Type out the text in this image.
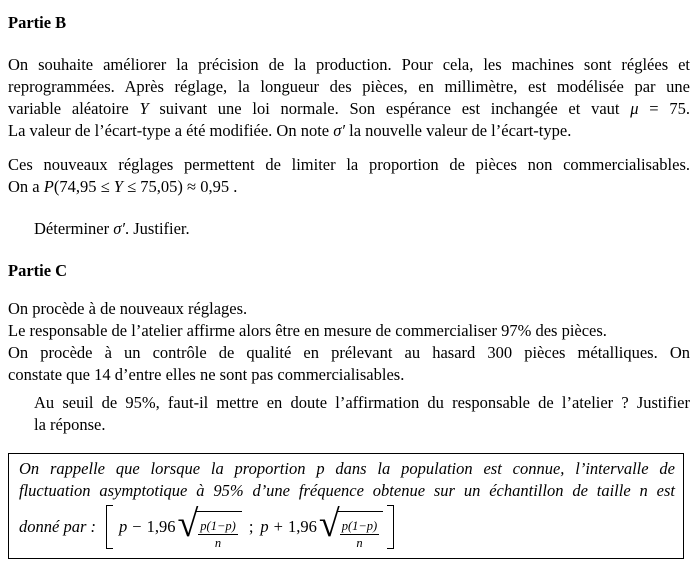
Partie B
On souhaite améliorer la précision de la production. Pour cela, les machines sont réglées et
reprogrammées. Après réglage, la longueur des pièces, en millimètre, est modélisée par une
variable aléatoire Y suivant une loi normale. Son espérance est inchangée et vaut μ = 75.
La valeur de l’écart-type a été modifiée. On note σ′ la nouvelle valeur de l’écart-type.
Ces nouveaux réglages permettent de limiter la proportion de pièces non commercialisables.
On a P(74,95 ≤ Y ≤ 75,05) ≈ 0,95 .
Déterminer σ′. Justifier.
Partie C
On procède à de nouveaux réglages.
Le responsable de l’atelier affirme alors être en mesure de commercialiser 97% des pièces.
On procède à un contrôle de qualité en prélevant au hasard 300 pièces métalliques. On
constate que 14 d’entre elles ne sont pas commercialisables.
Au seuil de 95%, faut-il mettre en doute l’affirmation du responsable de l’atelier ? Justifier
la réponse.
On rappelle que lorsque la proportion p dans la population est connue, l’intervalle de
fluctuation asymptotique à 95% d’une fréquence obtenue sur un échantillon de taille n est
donné par : p − 1,96 √ $\frac{p(1-p)}{n}$ ; p + 1,96 √ $\frac{p(1-p)}{n}$
